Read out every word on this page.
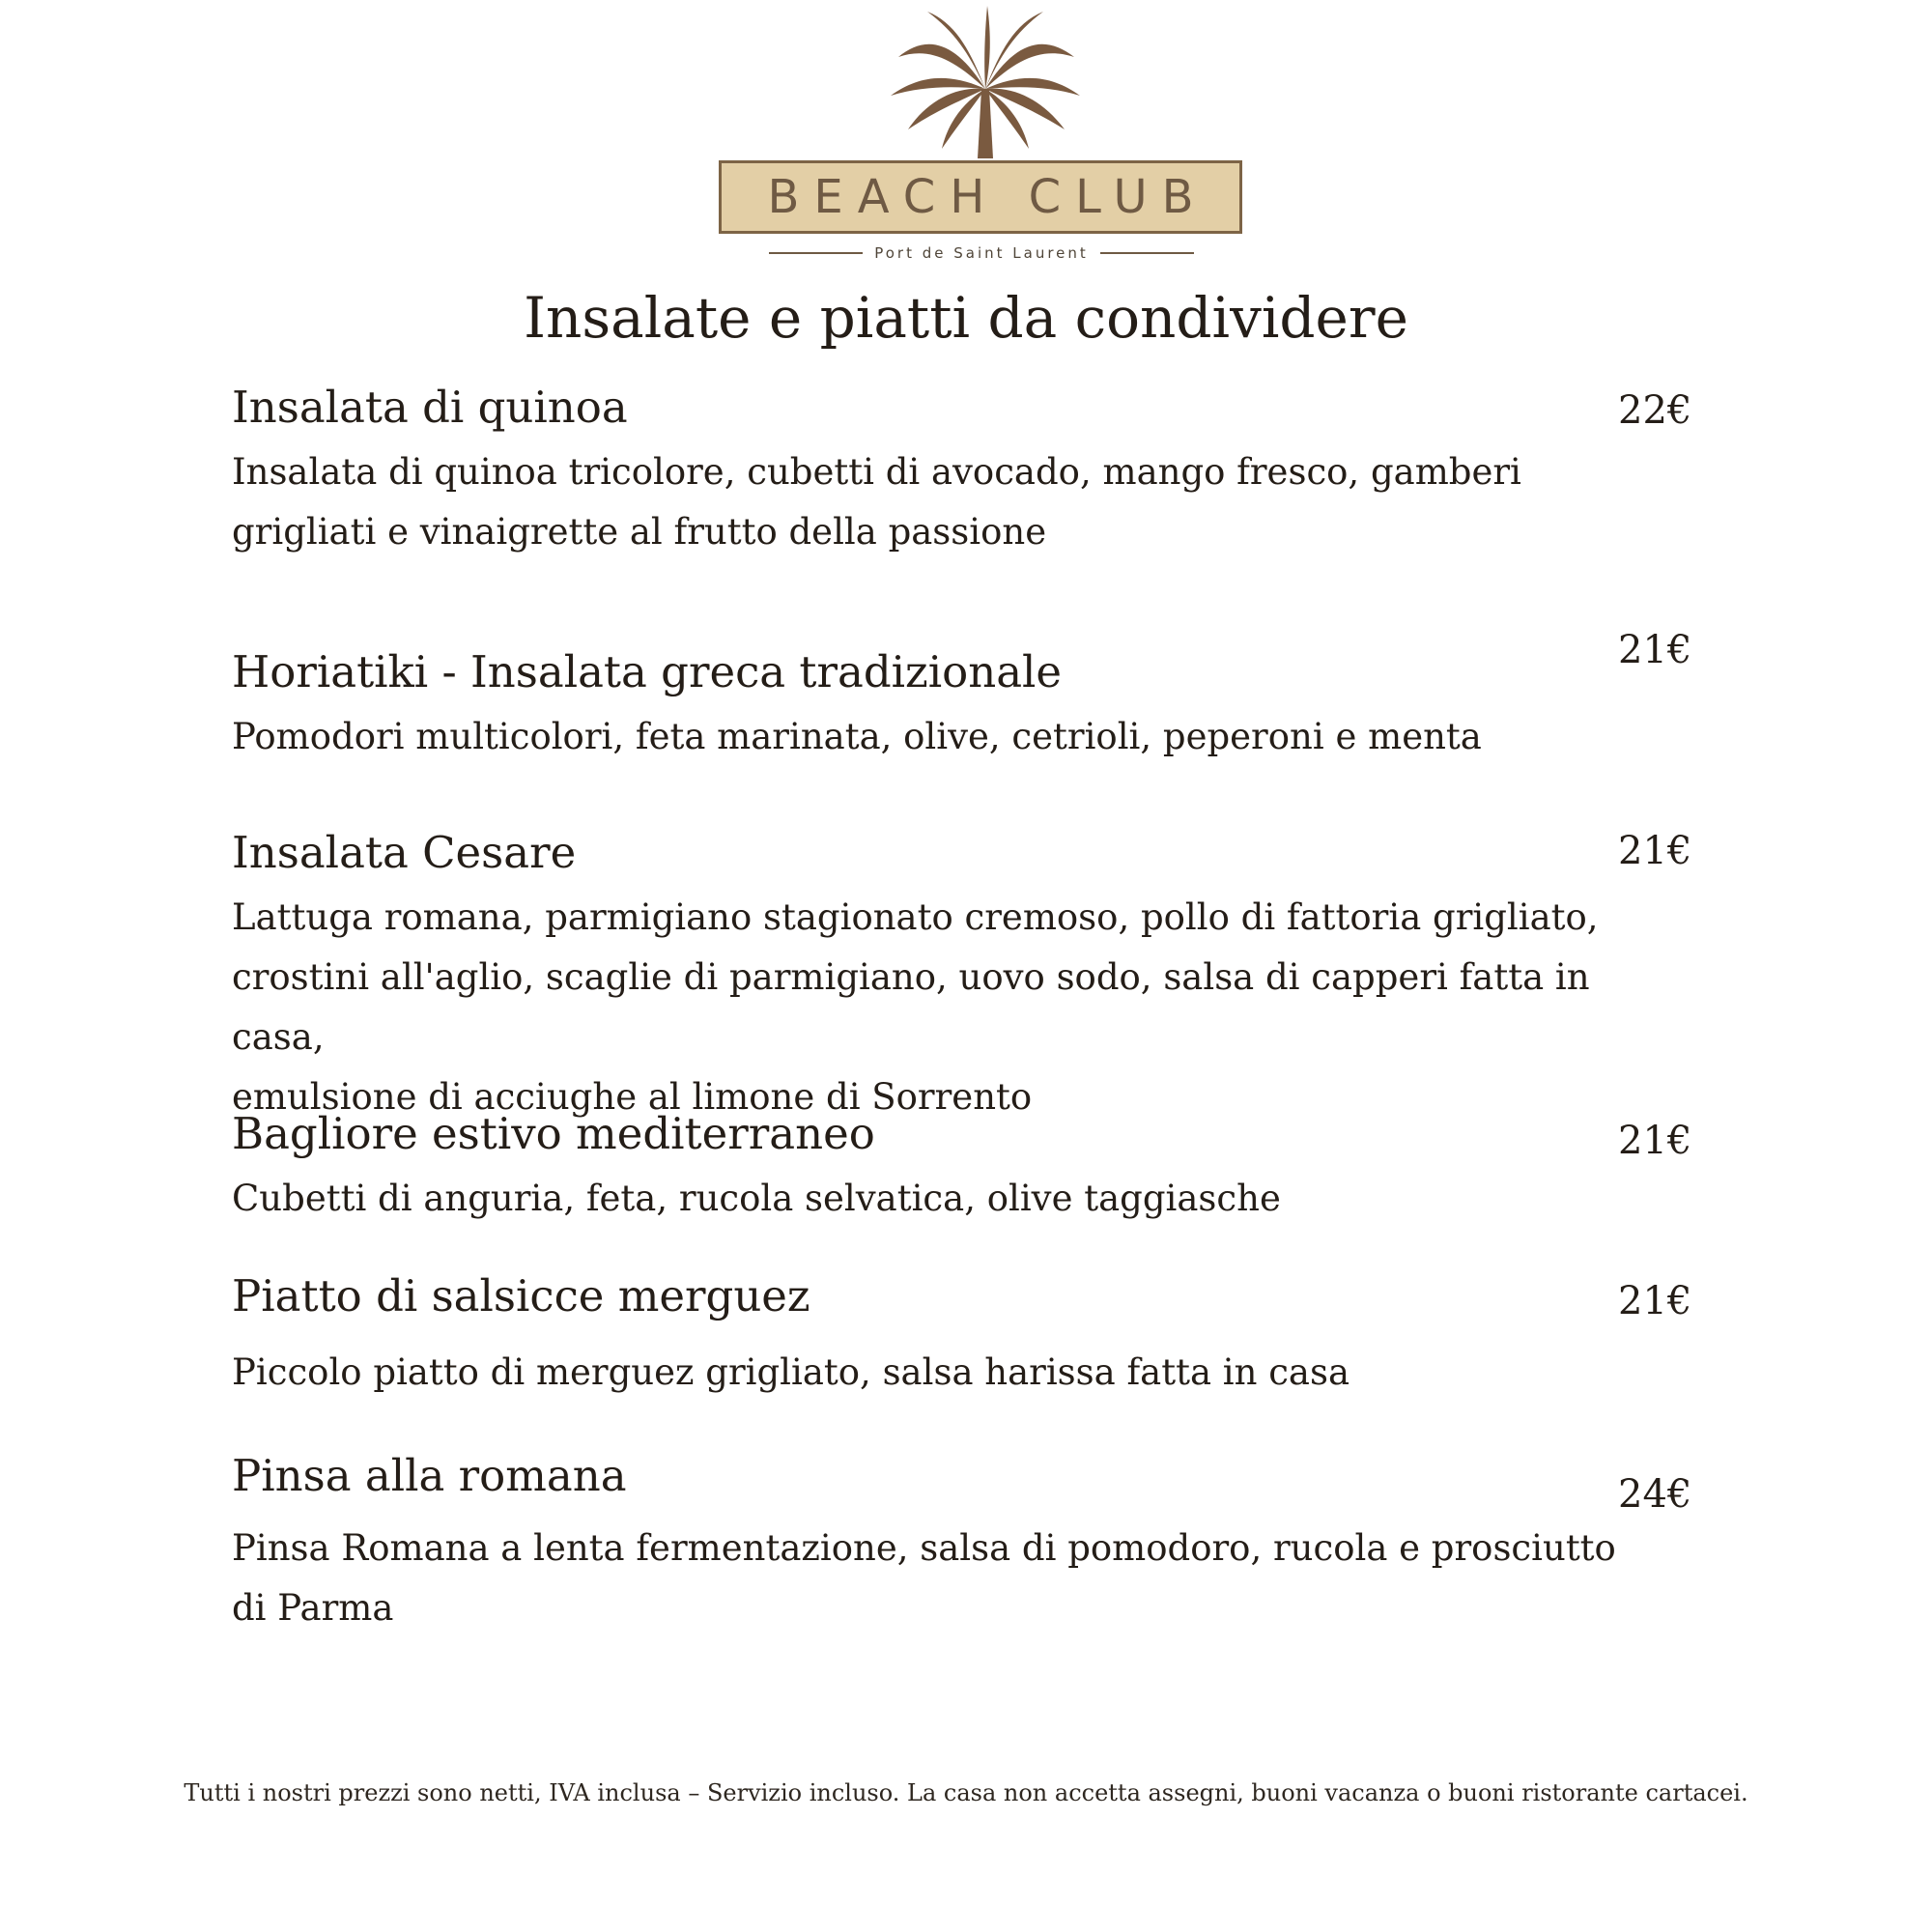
BEACH CLUB
Port de Saint Laurent
Insalate e piatti da condividere
Insalata di quinoa
Insalata di quinoa tricolore, cubetti di avocado, mango fresco, gamberi
grigliati e vinaigrette al frutto della passione
22€
Horiatiki - Insalata greca tradizionale
Pomodori multicolori, feta marinata, olive, cetrioli, peperoni e menta
21€
Insalata Cesare
Lattuga romana, parmigiano stagionato cremoso, pollo di fattoria grigliato,
crostini all'aglio, scaglie di parmigiano, uovo sodo, salsa di capperi fatta in casa,
emulsione di acciughe al limone di Sorrento
21€
Bagliore estivo mediterraneo
Cubetti di anguria, feta, rucola selvatica, olive taggiasche
21€
Piatto di salsicce merguez
Piccolo piatto di merguez grigliato, salsa harissa fatta in casa
21€
Pinsa alla romana
Pinsa Romana a lenta fermentazione, salsa di pomodoro, rucola e prosciutto
di Parma
24€
Tutti i nostri prezzi sono netti, IVA inclusa – Servizio incluso. La casa non accetta assegni, buoni vacanza o buoni ristorante cartacei.
